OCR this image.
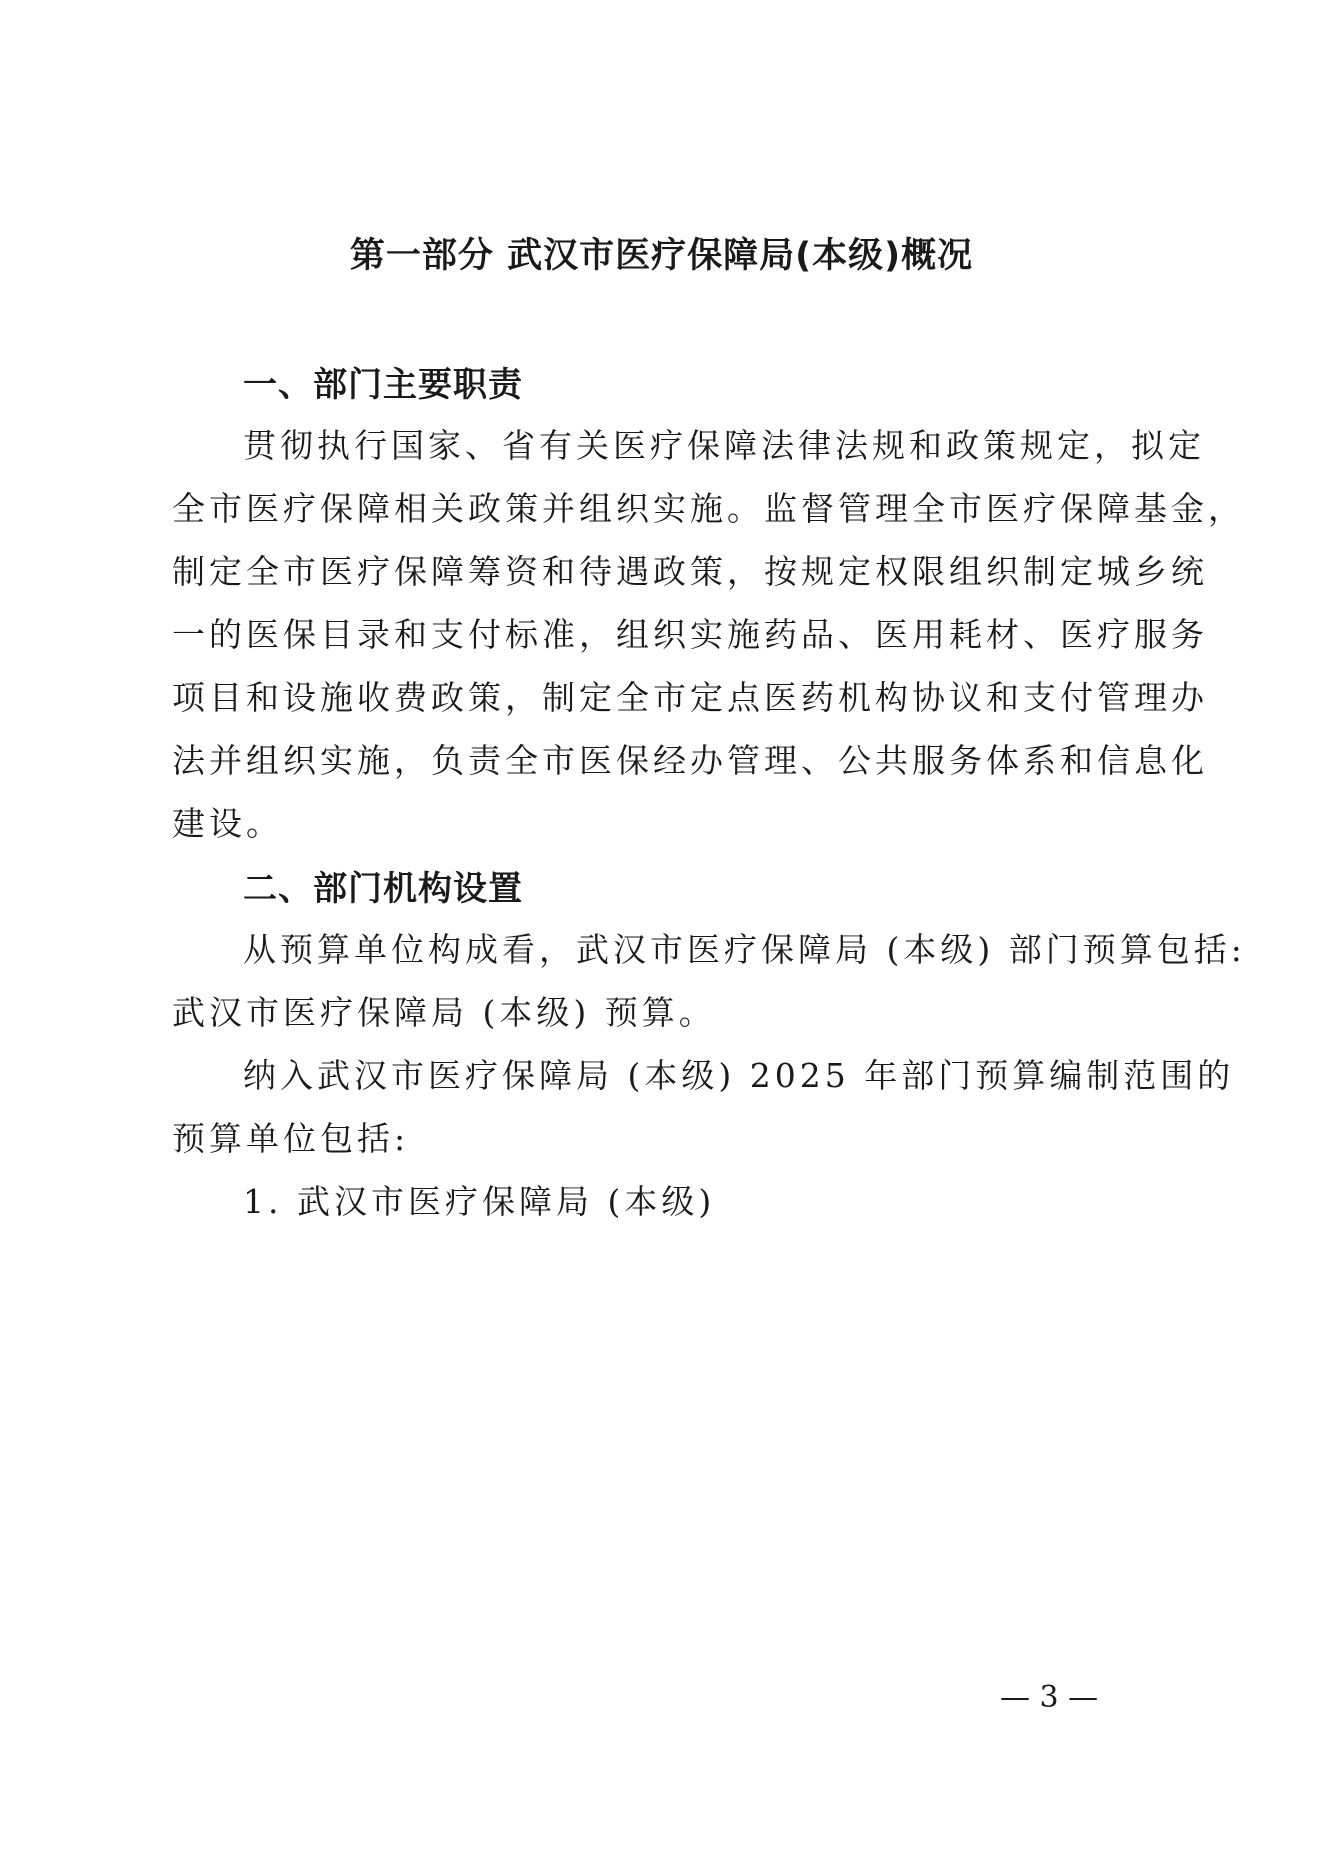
第一部分 武汉市医疗保障局(本级)概况
一、部门主要职责
贯彻执行国家、省有关医疗保障法律法规和政策规定，拟定
全市医疗保障相关政策并组织实施。监督管理全市医疗保障基金，
制定全市医疗保障筹资和待遇政策，按规定权限组织制定城乡统
一的医保目录和支付标准，组织实施药品、医用耗材、医疗服务
项目和设施收费政策，制定全市定点医药机构协议和支付管理办
法并组织实施，负责全市医保经办管理、公共服务体系和信息化
建设。
二、部门机构设置
从预算单位构成看，武汉市医疗保障局 (本级) 部门预算包括:
武汉市医疗保障局 (本级) 预算。
纳入武汉市医疗保障局 (本级) 2025 年部门预算编制范围的
预算单位包括:
1. 武汉市医疗保障局 (本级)
— 3 —
